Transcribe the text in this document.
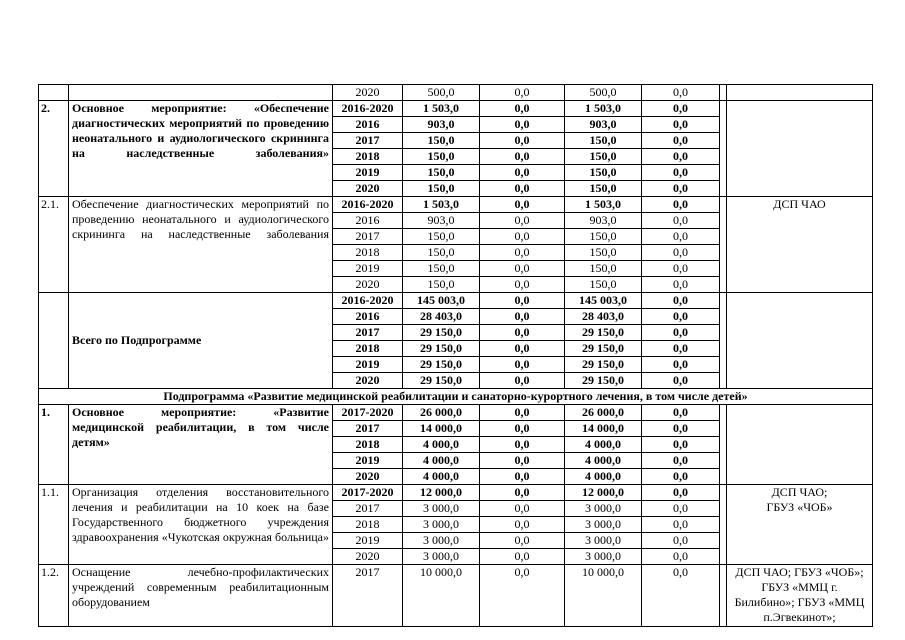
		2020	500,0	0,0	500,0	0,0		
2.	Основное мероприятие: «Обеспечение диагностических мероприятий по проведению неонатального и аудиологического скрининга на наследственные заболевания»	2016-2020	1 503,0	0,0	1 503,0	0,0		
		2016	903,0	0,0	903,0	0,0		
		2017	150,0	0,0	150,0	0,0		
		2018	150,0	0,0	150,0	0,0		
		2019	150,0	0,0	150,0	0,0		
		2020	150,0	0,0	150,0	0,0		
2.1.	Обеспечение диагностических мероприятий по проведению неонатального и аудиологического скрининга на наследственные заболевания	2016-2020	1 503,0	0,0	1 503,0	0,0		ДСП ЧАО
		2016	903,0	0,0	903,0	0,0		
		2017	150,0	0,0	150,0	0,0		
		2018	150,0	0,0	150,0	0,0		
		2019	150,0	0,0	150,0	0,0		
		2020	150,0	0,0	150,0	0,0		
	Всего по Подпрограмме	2016-2020	145 003,0	0,0	145 003,0	0,0		
		2016	28 403,0	0,0	28 403,0	0,0		
		2017	29 150,0	0,0	29 150,0	0,0		
		2018	29 150,0	0,0	29 150,0	0,0		
		2019	29 150,0	0,0	29 150,0	0,0		
		2020	29 150,0	0,0	29 150,0	0,0		
Подпрограмма «Развитие медицинской реабилитации и санаторно-курортного лечения, в том числе детей»								
1.	Основное мероприятие: «Развитие медицинской реабилитации, в том числе детям»	2017-2020	26 000,0	0,0	26 000,0	0,0		
		2017	14 000,0	0,0	14 000,0	0,0		
		2018	4 000,0	0,0	4 000,0	0,0		
		2019	4 000,0	0,0	4 000,0	0,0		
		2020	4 000,0	0,0	4 000,0	0,0		
1.1.	Организация отделения восстановительного лечения и реабилитации на 10 коек на базе Государственного бюджетного учреждения здравоохранения «Чукотская окружная больница»	2017-2020	12 000,0	0,0	12 000,0	0,0		ДСП ЧАО;
ГБУЗ «ЧОБ»

		2017	3 000,0	0,0	3 000,0	0,0		
		2018	3 000,0	0,0	3 000,0	0,0		
		2019	3 000,0	0,0	3 000,0	0,0		
		2020	3 000,0	0,0	3 000,0	0,0		
1.2.	Оснащение лечебно-профилактических учреждений современным реабилитационным оборудованием	2017	10 000,0	0,0	10 000,0	0,0		ДСП ЧАО; ГБУЗ «ЧОБ»; ГБУЗ «ММЦ г. Билибино»; ГБУЗ «ММЦ п.Эгвекинот»;
